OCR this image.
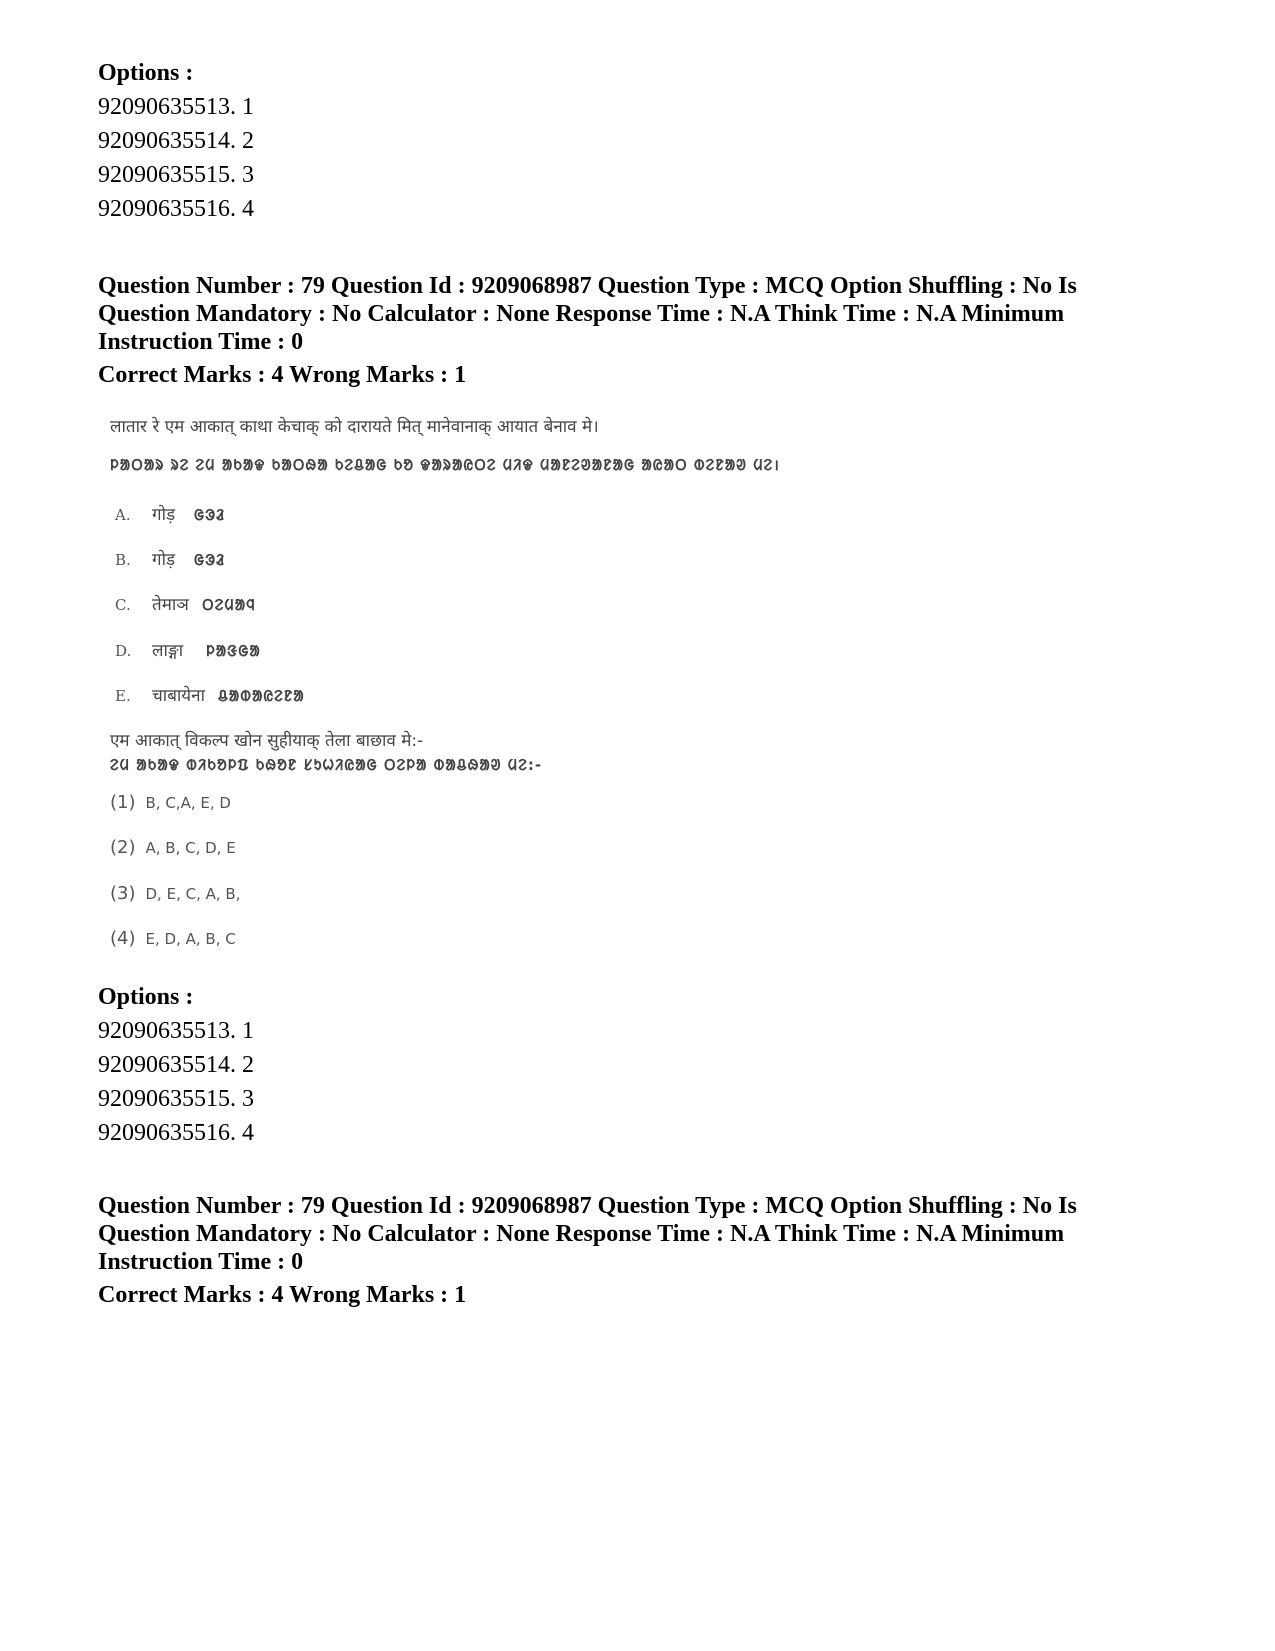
Options :
92090635513. 1
92090635514. 2
92090635515. 3
92090635516. 4
Question Number : 79 Question Id : 9209068987 Question Type : MCQ Option Shuffling : No Is
Question Mandatory : No Calculator : None Response Time : N.A Think Time : N.A Minimum
Instruction Time : 0
Correct Marks : 4 Wrong Marks : 1
लातार रे एम आकात् काथा केचाक् को दारायते मित् मानेवानाक् आयात बेनाव मे।
ᱞᱟᱛᱟᱨ ᱨᱮ ᱮᱢ ᱟᱠᱟᱫ ᱠᱟᱛᱷᱟ ᱠᱮᱪᱟᱜ ᱠᱚ ᱫᱟᱨᱟᱭᱛᱮ ᱢᱤᱫ ᱢᱟᱱᱮᱣᱟᱱᱟᱜ ᱟᱭᱟᱛ ᱵᱮᱱᱟᱣ ᱢᱮ।
A. गोड़ ᱜᱳᱲ
B. गोड़ ᱜᱳᱲ
C. तेमाञ ᱛᱮᱢᱟᱧ
D. लाङ्गा ᱞᱟᱝᱜᱟ
E. चाबायेना ᱪᱟᱵᱟᱭᱮᱱᱟ
एम आकात् विकल्प खोन सुहीयाक् तेला बाछाव मे:-
ᱮᱢ ᱟᱠᱟᱫ ᱵᱤᱠᱚᱞᱯ ᱠᱷᱚᱱ ᱥᱩᱦᱤᱭᱟᱜ ᱛᱮᱞᱟ ᱵᱟᱪᱷᱟᱣ ᱢᱮ:-
(1) B, C,A, E, D
(2) A, B, C, D, E
(3) D, E, C, A, B,
(4) E, D, A, B, C
Options :
92090635513. 1
92090635514. 2
92090635515. 3
92090635516. 4
Question Number : 79 Question Id : 9209068987 Question Type : MCQ Option Shuffling : No Is
Question Mandatory : No Calculator : None Response Time : N.A Think Time : N.A Minimum
Instruction Time : 0
Correct Marks : 4 Wrong Marks : 1
